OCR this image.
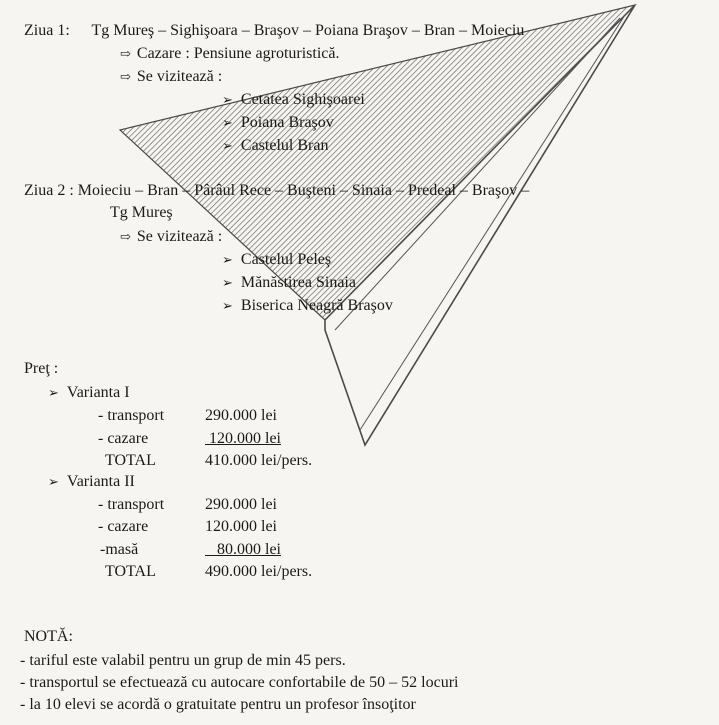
Ziua 1: Tg Mureş – Sighişoara – Braşov – Poiana Braşov – Bran – Moieciu
⇨ Cazare : Pensiune agroturistică.
⇨ Se vizitează :
➢ Cetatea Sighişoarei
➢ Poiana Braşov
➢ Castelul Bran
Ziua 2 : Moieciu – Bran – Pârâul Rece – Buşteni – Sinaia – Predeal – Braşov –
Tg Mureş
⇨ Se vizitează :
➢ Castelul Peleş
➢ Mănăstirea Sinaia
➢ Biserica Neagră Braşov
Preţ :
➢ Varianta I
- transport	290.000 lei
- cazare	120.000 lei
TOTAL	410.000 lei/pers.
➢ Varianta II
- transport	290.000 lei
- cazare	120.000 lei
-masă	80.000 lei
TOTAL	490.000 lei/pers.
NOTĂ:
- tariful este valabil pentru un grup de min 45 pers.
- transportul se efectuează cu autocare confortabile de 50 – 52 locuri
- la 10 elevi se acordă o gratuitate pentru un profesor însoţitor
